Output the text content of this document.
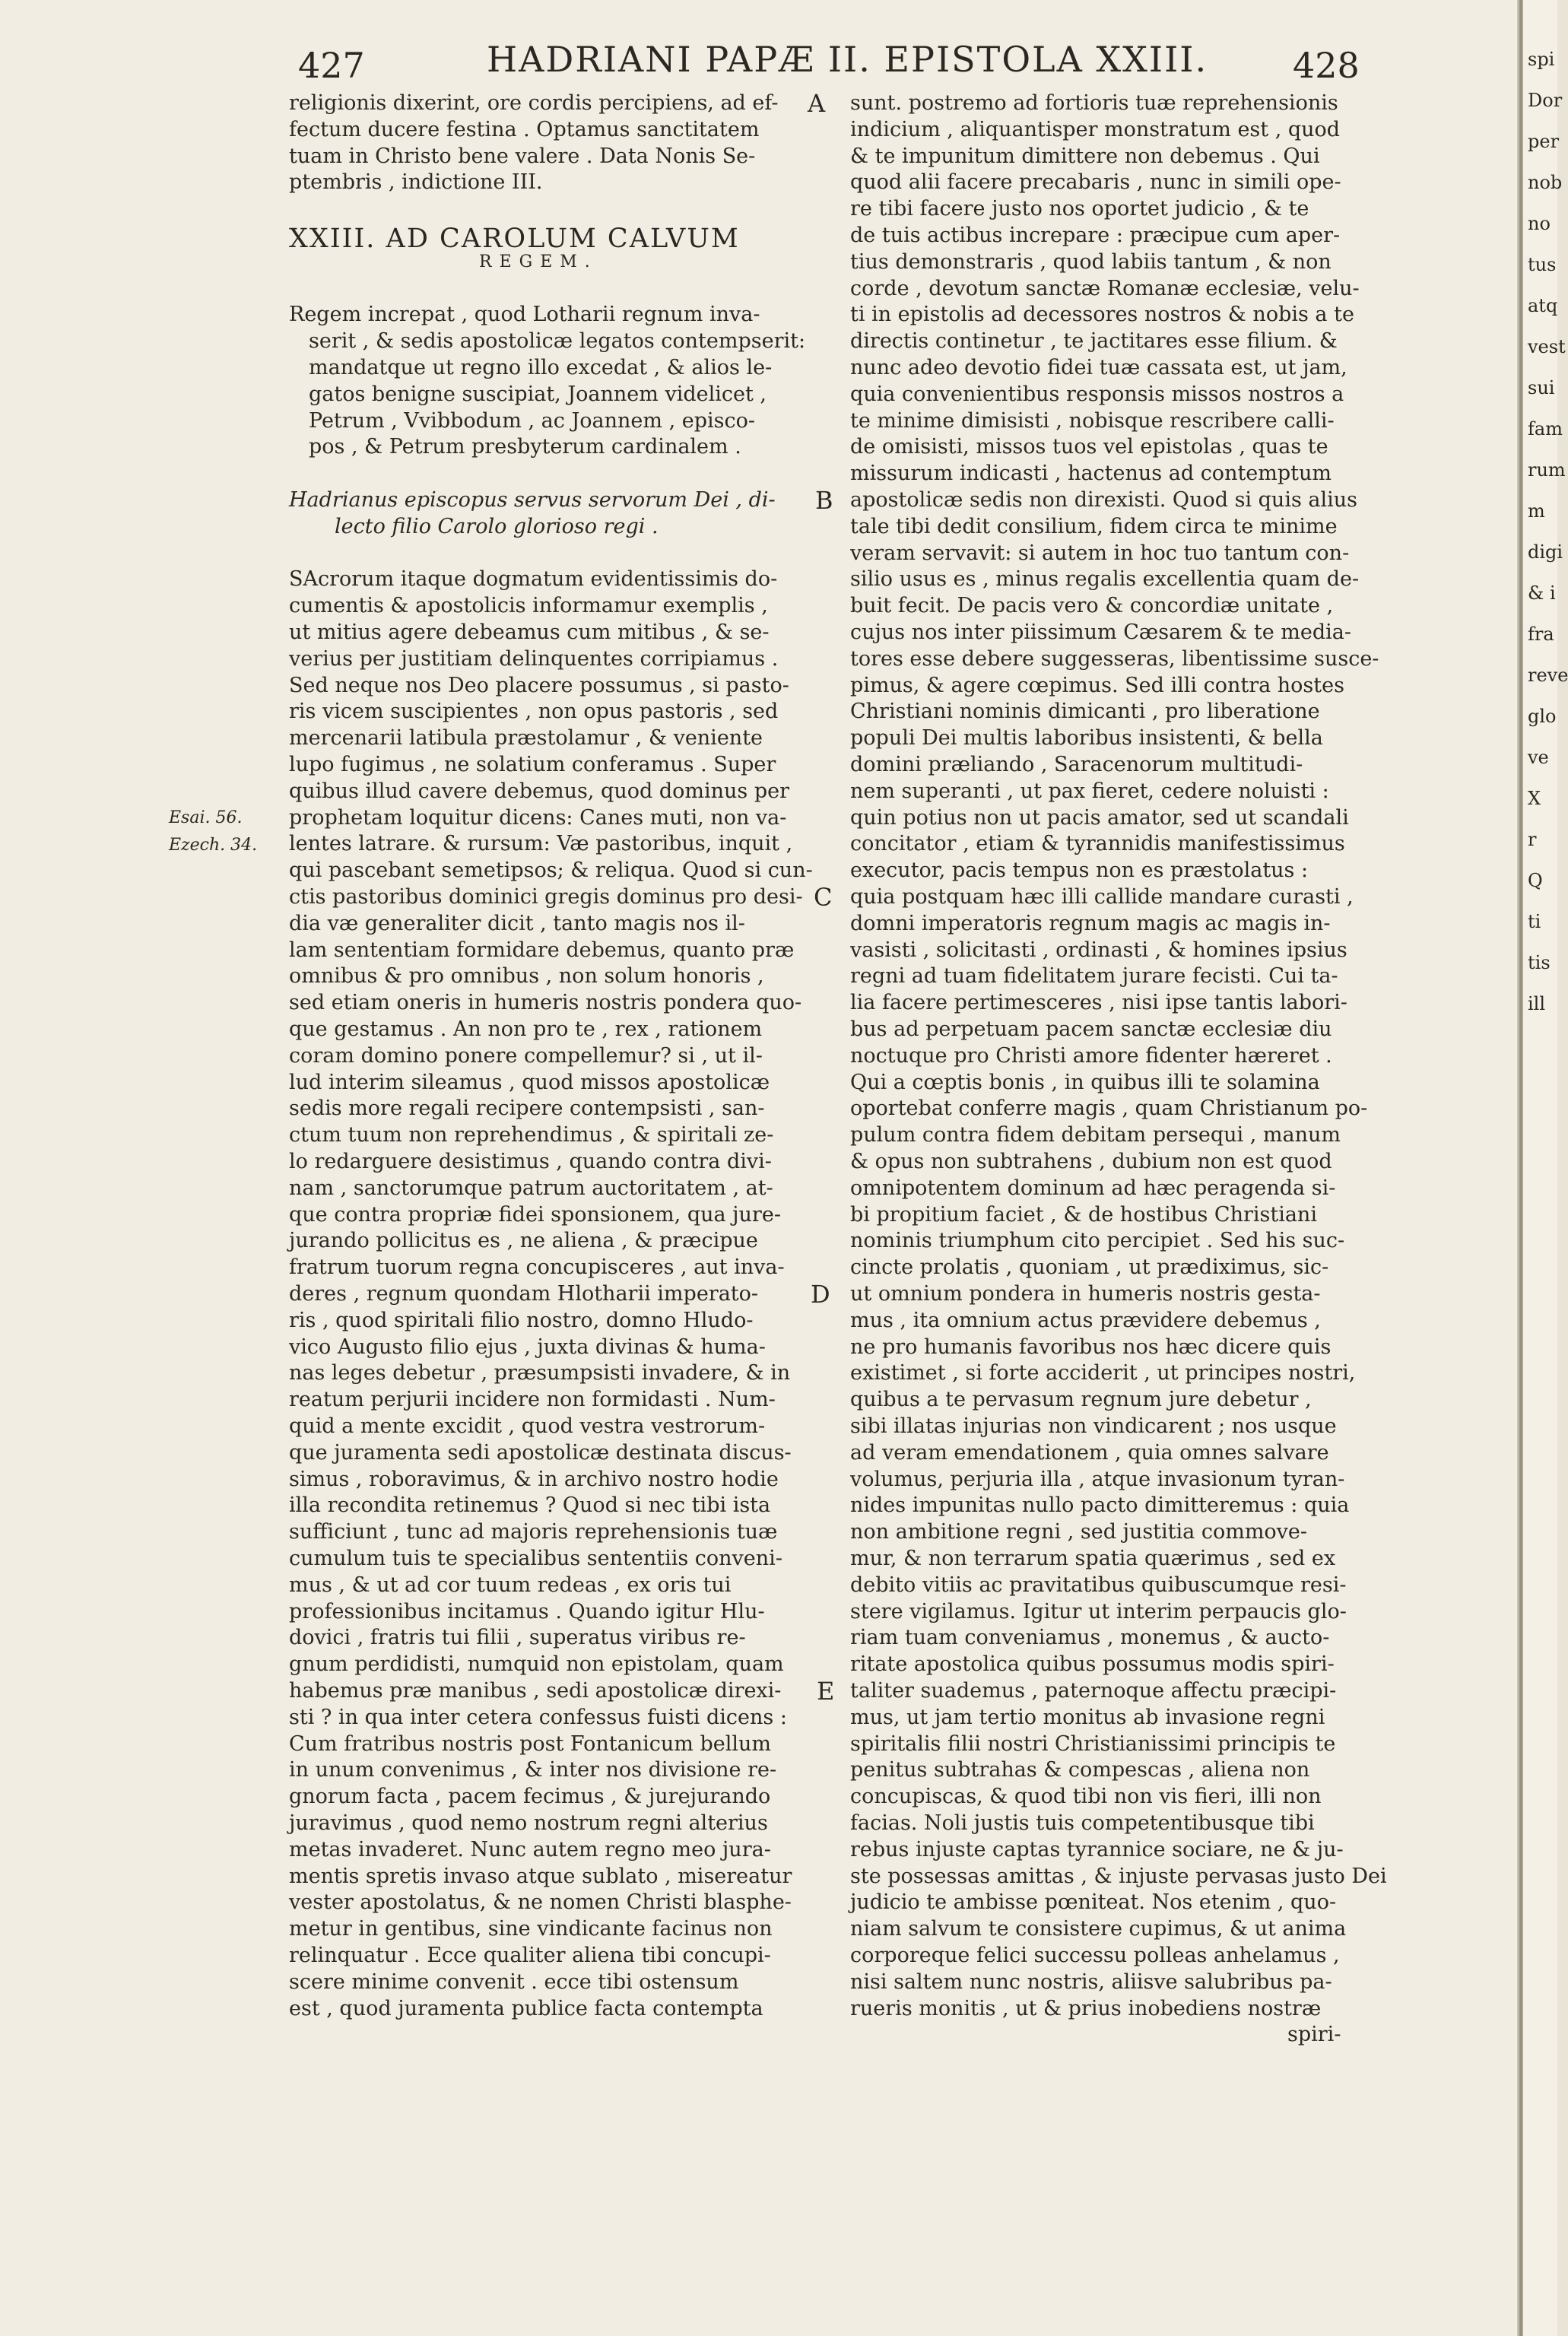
427	HADRIANI PAPÆ II. EPISTOLA XXIII. 428
religionis dixerint, ore cordis percipiens, ad ef-
fectum ducere festina . Optamus sanctitatem
tuam in Christo bene valere . Data Nonis Se-
ptembris , indictione III.
XXIII. AD CAROLUM CALVUM
REGEM.
Regem increpat , quod Lotharii regnum inva-
serit , & sedis apostolicæ legatos contempserit:
mandatque ut regno illo excedat , & alios le-
gatos benigne suscipiat, Joannem videlicet ,
Petrum , Vvibbodum , ac Joannem , episco-
pos , & Petrum presbyterum cardinalem .
Hadrianus episcopus servus servorum Dei , di-
lecto filio Carolo glorioso regi .
SAcrorum itaque dogmatum evidentissimis do-
cumentis & apostolicis informamur exemplis ,
ut mitius agere debeamus cum mitibus , & se-
verius per justitiam delinquentes corripiamus .
Sed neque nos Deo placere possumus , si pasto-
ris vicem suscipientes , non opus pastoris , sed
mercenarii latibula præstolamur , & veniente
lupo fugimus , ne solatium conferamus . Super
quibus illud cavere debemus, quod dominus per
prophetam loquitur dicens: Canes muti, non va-
lentes latrare. & rursum: Væ pastoribus, inquit ,
qui pascebant semetipsos; & reliqua. Quod si cun-
ctis pastoribus dominici gregis dominus pro desi-
dia væ generaliter dicit , tanto magis nos il-
lam sententiam formidare debemus, quanto præ
omnibus & pro omnibus , non solum honoris ,
sed etiam oneris in humeris nostris pondera quo-
que gestamus . An non pro te , rex , rationem
coram domino ponere compellemur? si , ut il-
lud interim sileamus , quod missos apostolicæ
sedis more regali recipere contempsisti , san-
ctum tuum non reprehendimus , & spiritali ze-
lo redarguere desistimus , quando contra divi-
nam , sanctorumque patrum auctoritatem , at-
que contra propriæ fidei sponsionem, qua jure-
jurando pollicitus es , ne aliena , & præcipue
fratrum tuorum regna concupisceres , aut inva-
deres , regnum quondam Hlotharii imperato-
ris , quod spiritali filio nostro, domno Hludo-
vico Augusto filio ejus , juxta divinas & huma-
nas leges debetur , præsumpsisti invadere, & in
reatum perjurii incidere non formidasti . Num-
quid a mente excidit , quod vestra vestrorum-
que juramenta sedi apostolicæ destinata discus-
simus , roboravimus, & in archivo nostro hodie
illa recondita retinemus ? Quod si nec tibi ista
sufficiunt , tunc ad majoris reprehensionis tuæ
cumulum tuis te specialibus sententiis conveni-
mus , & ut ad cor tuum redeas , ex oris tui
professionibus incitamus . Quando igitur Hlu-
dovici , fratris tui filii , superatus viribus re-
gnum perdidisti, numquid non epistolam, quam
habemus præ manibus , sedi apostolicæ direxi-
sti ? in qua inter cetera confessus fuisti dicens :
Cum fratribus nostris post Fontanicum bellum
in unum convenimus , & inter nos divisione re-
gnorum facta , pacem fecimus , & jurejurando
juravimus , quod nemo nostrum regni alterius
metas invaderet. Nunc autem regno meo jura-
mentis spretis invaso atque sublato , misereatur
vester apostolatus, & ne nomen Christi blasphe-
metur in gentibus, sine vindicante facinus non
relinquatur . Ecce qualiter aliena tibi concupi-
scere minime convenit . ecce tibi ostensum
est , quod juramenta publice facta contempta
sunt. postremo ad fortioris tuæ reprehensionis
indicium , aliquantisper monstratum est , quod
& te impunitum dimittere non debemus . Qui
quod alii facere precabaris , nunc in simili ope-
re tibi facere justo nos oportet judicio , & te
de tuis actibus increpare : præcipue cum aper-
tius demonstraris , quod labiis tantum , & non
corde , devotum sanctæ Romanæ ecclesiæ, velu-
ti in epistolis ad decessores nostros & nobis a te
directis continetur , te jactitares esse filium. &
nunc adeo devotio fidei tuæ cassata est, ut jam,
quia convenientibus responsis missos nostros a
te minime dimisisti , nobisque rescribere calli-
de omisisti, missos tuos vel epistolas , quas te
missurum indicasti , hactenus ad contemptum
apostolicæ sedis non direxisti. Quod si quis alius
tale tibi dedit consilium, fidem circa te minime
veram servavit: si autem in hoc tuo tantum con-
silio usus es , minus regalis excellentia quam de-
buit fecit. De pacis vero & concordiæ unitate ,
cujus nos inter piissimum Cæsarem & te media-
tores esse debere suggesseras, libentissime susce-
pimus, & agere cœpimus. Sed illi contra hostes
Christiani nominis dimicanti , pro liberatione
populi Dei multis laboribus insistenti, & bella
domini præliando , Saracenorum multitudi-
nem superanti , ut pax fieret, cedere noluisti :
quin potius non ut pacis amator, sed ut scandali
concitator , etiam & tyrannidis manifestissimus
executor, pacis tempus non es præstolatus :
quia postquam hæc illi callide mandare curasti ,
domni imperatoris regnum magis ac magis in-
vasisti , solicitasti , ordinasti , & homines ipsius
regni ad tuam fidelitatem jurare fecisti. Cui ta-
lia facere pertimesceres , nisi ipse tantis labori-
bus ad perpetuam pacem sanctæ ecclesiæ diu
noctuque pro Christi amore fidenter hæreret .
Qui a cœptis bonis , in quibus illi te solamina
oportebat conferre magis , quam Christianum po-
pulum contra fidem debitam persequi , manum
& opus non subtrahens , dubium non est quod
omnipotentem dominum ad hæc peragenda si-
bi propitium faciet , & de hostibus Christiani
nominis triumphum cito percipiet . Sed his suc-
cincte prolatis , quoniam , ut prædiximus, sic-
ut omnium pondera in humeris nostris gesta-
mus , ita omnium actus prævidere debemus ,
ne pro humanis favoribus nos hæc dicere quis
existimet , si forte acciderit , ut principes nostri,
quibus a te pervasum regnum jure debetur ,
sibi illatas injurias non vindicarent ; nos usque
ad veram emendationem , quia omnes salvare
volumus, perjuria illa , atque invasionum tyran-
nides impunitas nullo pacto dimitteremus : quia
non ambitione regni , sed justitia commove-
mur, & non terrarum spatia quærimus , sed ex
debito vitiis ac pravitatibus quibuscumque resi-
stere vigilamus. Igitur ut interim perpaucis glo-
riam tuam conveniamus , monemus , & aucto-
ritate apostolica quibus possumus modis spiri-
taliter suademus , paternoque affectu præcipi-
mus, ut jam tertio monitus ab invasione regni
spiritalis filii nostri Christianissimi principis te
penitus subtrahas & compescas , aliena non
concupiscas, & quod tibi non vis fieri, illi non
facias. Noli justis tuis competentibusque tibi
rebus injuste captas tyrannice sociare, ne & ju-
ste possessas amittas , & injuste pervasas justo Dei
judicio te ambisse pœniteat. Nos etenim , quo-
niam salvum te consistere cupimus, & ut anima
corporeque felici successu polleas anhelamus ,
nisi saltem nunc nostris, aliisve salubribus pa-
rueris monitis , ut & prius inobediens nostræ
spiri-
A
B
C
D
E
Esai. 56.
Ezech. 34.
spi
Dor
per
nob
no
tus
atq
vest
sui
fam
rum
m
digi
& i
fra
reve
glo
ve
X
r
Q
ti
tis
ill
